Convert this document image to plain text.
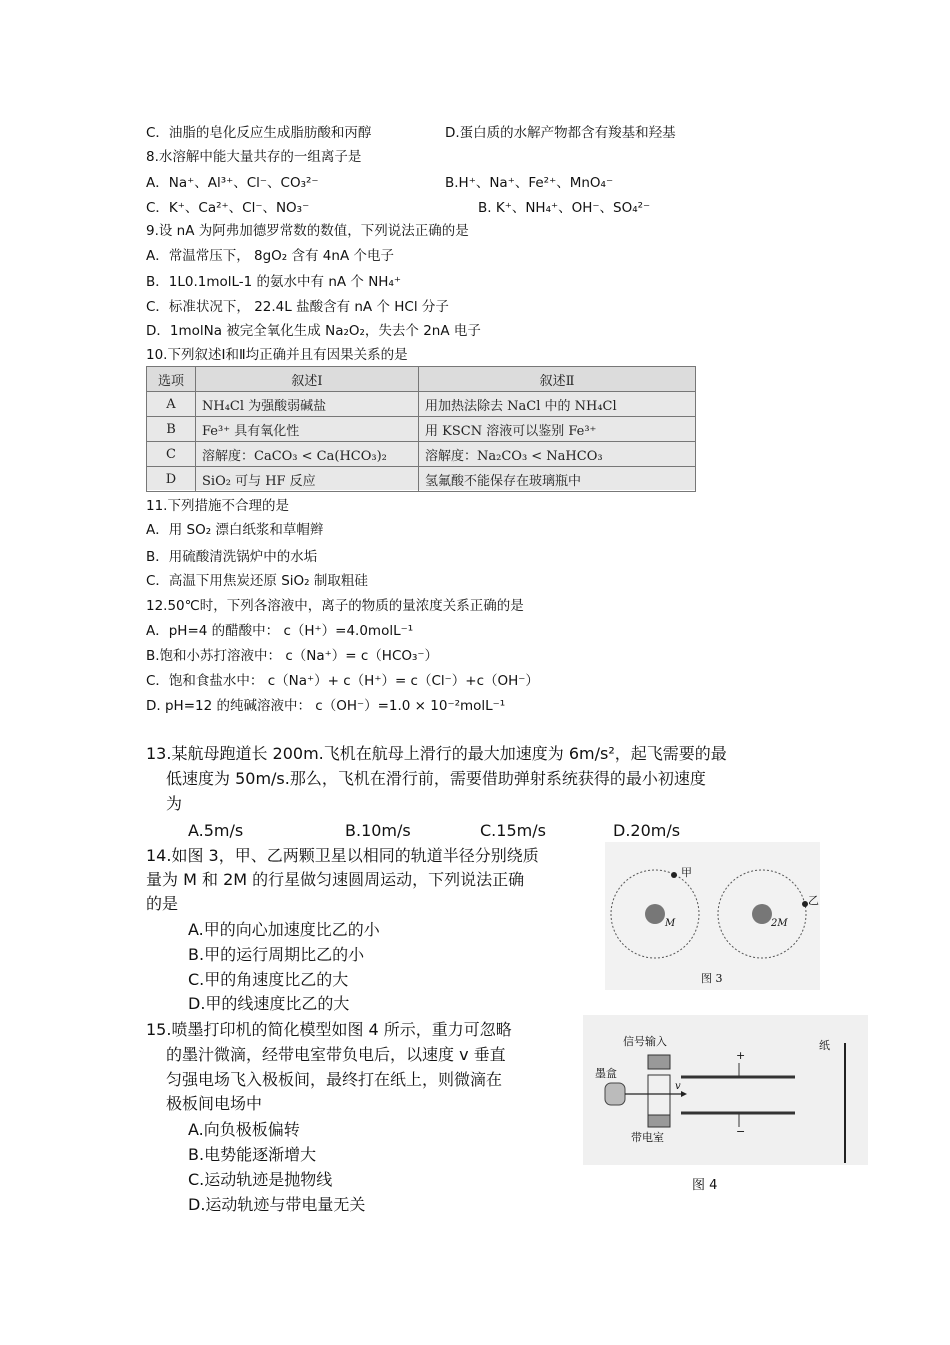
C．油脂的皂化反应生成脂肪酸和丙醇	D.蛋白质的水解产物都含有羧基和羟基
8.水溶解中能大量共存的一组离子是
A．Na⁺、Al³⁺、Cl⁻、CO₃²⁻	B.H⁺、Na⁺、Fe²⁺、MnO₄⁻
C．K⁺、Ca²⁺、Cl⁻、NO₃⁻	B. K⁺、NH₄⁺、OH⁻、SO₄²⁻
9.设 nA 为阿弗加德罗常数的数值，下列说法正确的是
A．常温常压下， 8gO₂ 含有 4nA 个电子
B．1L0.1molL-1 的氨水中有 nA 个 NH₄⁺
C．标准状况下， 22.4L 盐酸含有 nA 个 HCl 分子
D．1molNa 被完全氧化生成 Na₂O₂，失去个 2nA 电子
10.下列叙述Ⅰ和Ⅱ均正确并且有因果关系的是
选项	叙述Ⅰ	叙述Ⅱ
A	NH₄Cl 为强酸弱碱盐	用加热法除去 NaCl 中的 NH₄Cl
B	Fe³⁺ 具有氧化性	用 KSCN 溶液可以鉴别 Fe³⁺
C	溶解度：CaCO₃ < Ca(HCO₃)₂	溶解度：Na₂CO₃ < NaHCO₃
D	SiO₂ 可与 HF 反应	氢氟酸不能保存在玻璃瓶中
11.下列措施不合理的是
A．用 SO₂ 漂白纸浆和草帽辫
B．用硫酸清洗锅炉中的水垢
C．高温下用焦炭还原 SiO₂ 制取粗硅
12.50℃时，下列各溶液中，离子的物质的量浓度关系正确的是
A．pH=4 的醋酸中： c（H⁺）=4.0molL⁻¹
B.饱和小苏打溶液中： c（Na⁺）= c（HCO₃⁻）
C．饱和食盐水中： c（Na⁺）+ c（H⁺）= c（Cl⁻）+c（OH⁻）
D. pH=12 的纯碱溶液中： c（OH⁻）=1.0 × 10⁻²molL⁻¹
13.某航母跑道长 200m.飞机在航母上滑行的最大加速度为 6m/s²，起飞需要的最
低速度为 50m/s.那么，飞机在滑行前，需要借助弹射系统获得的最小初速度
为
A.5m/s	B.10m/s	C.15m/s	D.20m/s
14.如图 3，甲、乙两颗卫星以相同的轨道半径分别绕质
量为 M 和 2M 的行星做匀速圆周运动，下列说法正确
的是
A.甲的向心加速度比乙的小
B.甲的运行周期比乙的小
C.甲的角速度比乙的大
D.甲的线速度比乙的大
甲
乙
M	2M
图 3
15.喷墨打印机的简化模型如图 4 所示，重力可忽略
的墨汁微滴，经带电室带负电后，以速度 v 垂直
匀强电场飞入极板间，最终打在纸上，则微滴在
极板间电场中
A.向负极板偏转
B.电势能逐渐增大
C.运动轨迹是抛物线
D.运动轨迹与带电量无关
信号输入
墨盒
带电室
纸
+
−
v
图 4
